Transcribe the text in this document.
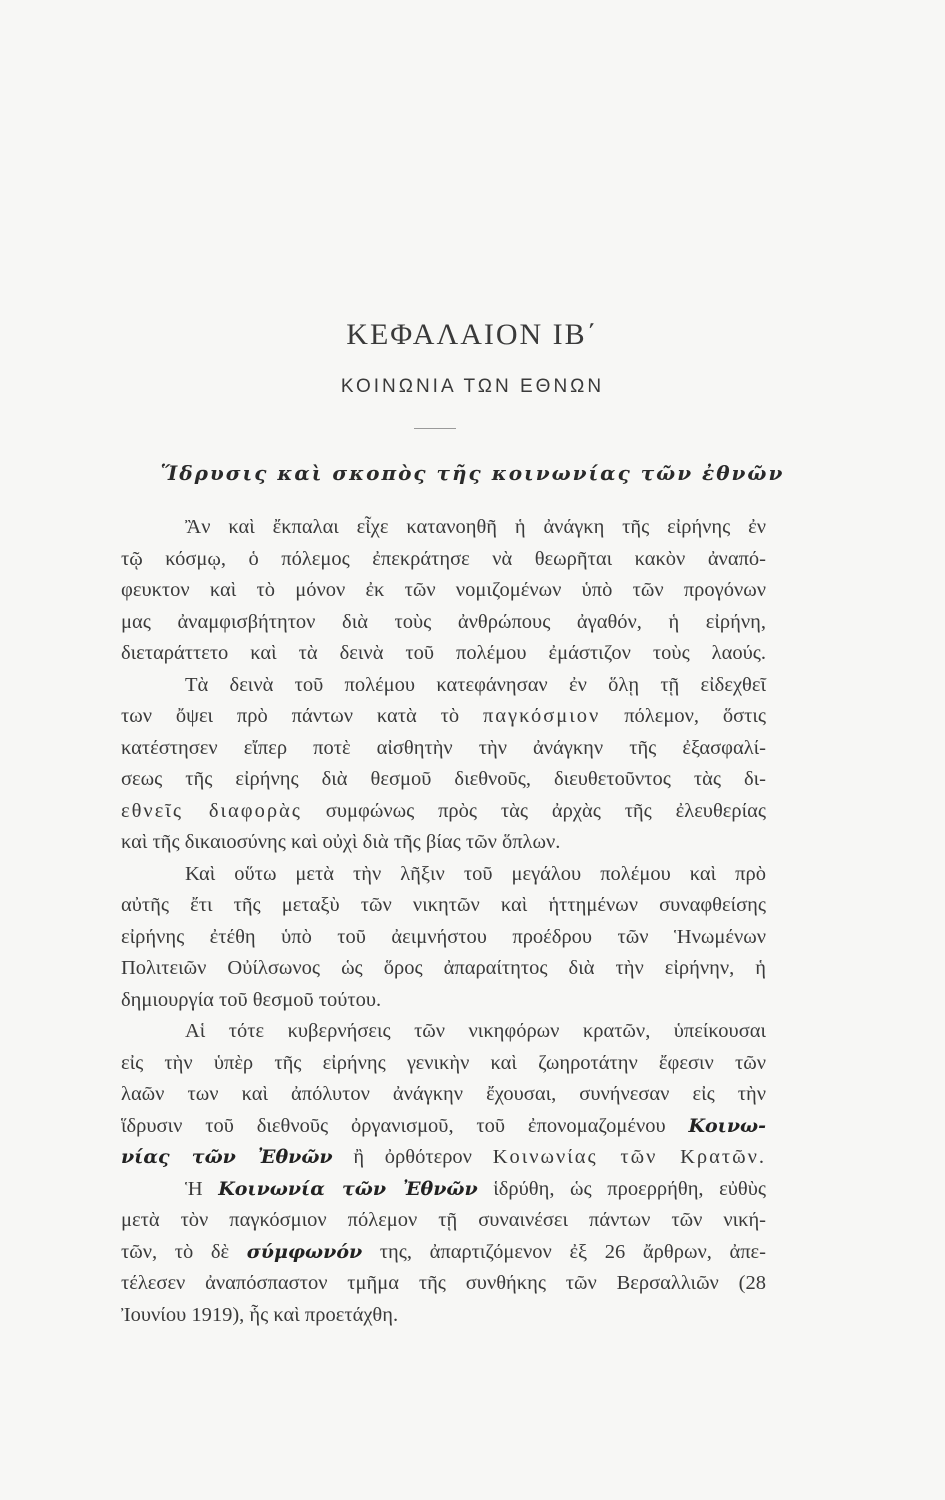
ΚΕΦΑΛΑΙΟΝ ΙΒ΄
ΚΟΙΝΩΝΙΑ ΤΩΝ ΕΘΝΩΝ
Ἵδρυσις καὶ σκοπὸς τῆς κοινωνίας τῶν ἐθνῶν
Ἂν καὶ ἔκπαλαι εἶχε κατανοηθῆ ἡ ἀνάγκη τῆς εἰρήνης ἐν
τῷ κόσμῳ, ὁ πόλεμος ἐπεκράτησε νὰ θεωρῆται κακὸν ἀναπό-
φευκτον καὶ τὸ μόνον ἐκ τῶν νομιζομένων ὑπὸ τῶν προγόνων
μας ἀναμφισβήτητον διὰ τοὺς ἀνθρώπους ἀγαθόν, ἡ εἰρήνη,
διεταράττετο καὶ τὰ δεινὰ τοῦ πολέμου ἐμάστιζον τοὺς λαούς.
Τὰ δεινὰ τοῦ πολέμου κατεφάνησαν ἐν ὅλῃ τῇ εἰδεχθεῖ
των ὄψει πρὸ πάντων κατὰ τὸ παγκόσμιον πόλεμον, ὅστις
κατέστησεν εἴπερ ποτὲ αἰσθητὴν τὴν ἀνάγκην τῆς ἐξασφαλί-
σεως τῆς εἰρήνης διὰ θεσμοῦ διεθνοῦς, διευθετοῦντος τὰς δι-
εθνεῖς διαφορὰς συμφώνως πρὸς τὰς ἀρχὰς τῆς ἐλευθερίας
καὶ τῆς δικαιοσύνης καὶ οὐχὶ διὰ τῆς βίας τῶν ὅπλων.
Καὶ οὕτω μετὰ τὴν λῆξιν τοῦ μεγάλου πολέμου καὶ πρὸ
αὐτῆς ἔτι τῆς μεταξὺ τῶν νικητῶν καὶ ἡττημένων συναφθείσης
εἰρήνης ἐτέθη ὑπὸ τοῦ ἀειμνήστου προέδρου τῶν Ἡνωμένων
Πολιτειῶν Οὐίλσωνος ὡς ὅρος ἀπαραίτητος διὰ τὴν εἰρήνην, ἡ
δημιουργία τοῦ θεσμοῦ τούτου.
Αἱ τότε κυβερνήσεις τῶν νικηφόρων κρατῶν, ὑπείκουσαι
εἰς τὴν ὑπὲρ τῆς εἰρήνης γενικὴν καὶ ζωηροτάτην ἔφεσιν τῶν
λαῶν των καὶ ἀπόλυτον ἀνάγκην ἔχουσαι, συνήνεσαν εἰς τὴν
ἵδρυσιν τοῦ διεθνοῦς ὀργανισμοῦ, τοῦ ἐπονομαζομένου Κοινω-
νίας τῶν Ἐθνῶν ἢ ὀρθότερον Κοινωνίας τῶν Κρατῶν.
Ἡ Κοινωνία τῶν Ἐθνῶν ἱδρύθη, ὡς προερρήθη, εὐθὺς
μετὰ τὸν παγκόσμιον πόλεμον τῇ συναινέσει πάντων τῶν νική-
τῶν, τὸ δὲ σύμφωνόν της, ἀπαρτιζόμενον ἐξ 26 ἄρθρων, ἀπε-
τέλεσεν ἀναπόσπαστον τμῆμα τῆς συνθήκης τῶν Βερσαλλιῶν (28
Ἰουνίου 1919), ἧς καὶ προετάχθη.
